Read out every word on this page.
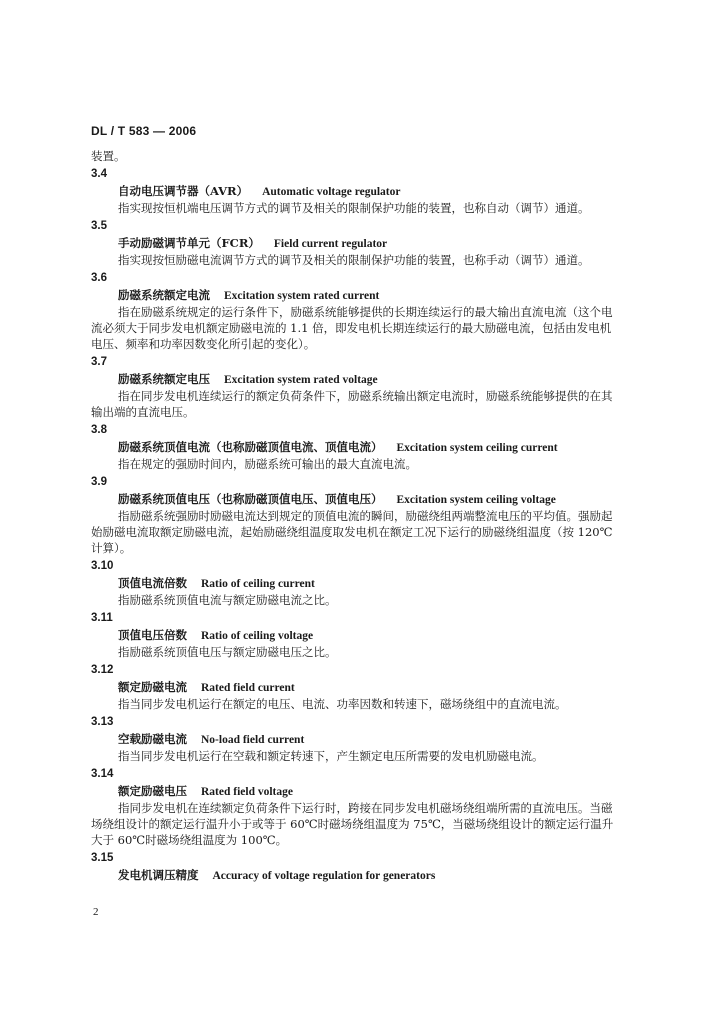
DL / T 583 — 2006
装置。
3.4
自动电压调节器（AVR） Automatic voltage regulator
指实现按恒机端电压调节方式的调节及相关的限制保护功能的装置，也称自动（调节）通道。
3.5
手动励磁调节单元（FCR） Field current regulator
指实现按恒励磁电流调节方式的调节及相关的限制保护功能的装置，也称手动（调节）通道。
3.6
励磁系统额定电流 Excitation system rated current
指在励磁系统规定的运行条件下，励磁系统能够提供的长期连续运行的最大输出直流电流（这个电
流必须大于同步发电机额定励磁电流的 1.1 倍，即发电机长期连续运行的最大励磁电流，包括由发电机
电压、频率和功率因数变化所引起的变化）。
3.7
励磁系统额定电压 Excitation system rated voltage
指在同步发电机连续运行的额定负荷条件下，励磁系统输出额定电流时，励磁系统能够提供的在其
输出端的直流电压。
3.8
励磁系统顶值电流（也称励磁顶值电流、顶值电流） Excitation system ceiling current
指在规定的强励时间内，励磁系统可输出的最大直流电流。
3.9
励磁系统顶值电压（也称励磁顶值电压、顶值电压） Excitation system ceiling voltage
指励磁系统强励时励磁电流达到规定的顶值电流的瞬间，励磁绕组两端整流电压的平均值。强励起
始励磁电流取额定励磁电流，起始励磁绕组温度取发电机在额定工况下运行的励磁绕组温度（按 120℃
计算）。
3.10
顶值电流倍数 Ratio of ceiling current
指励磁系统顶值电流与额定励磁电流之比。
3.11
顶值电压倍数 Ratio of ceiling voltage
指励磁系统顶值电压与额定励磁电压之比。
3.12
额定励磁电流 Rated field current
指当同步发电机运行在额定的电压、电流、功率因数和转速下，磁场绕组中的直流电流。
3.13
空载励磁电流 No-load field current
指当同步发电机运行在空载和额定转速下，产生额定电压所需要的发电机励磁电流。
3.14
额定励磁电压 Rated field voltage
指同步发电机在连续额定负荷条件下运行时，跨接在同步发电机磁场绕组端所需的直流电压。当磁
场绕组设计的额定运行温升小于或等于 60℃时磁场绕组温度为 75℃，当磁场绕组设计的额定运行温升
大于 60℃时磁场绕组温度为 100℃。
3.15
发电机调压精度 Accuracy of voltage regulation for generators
2
